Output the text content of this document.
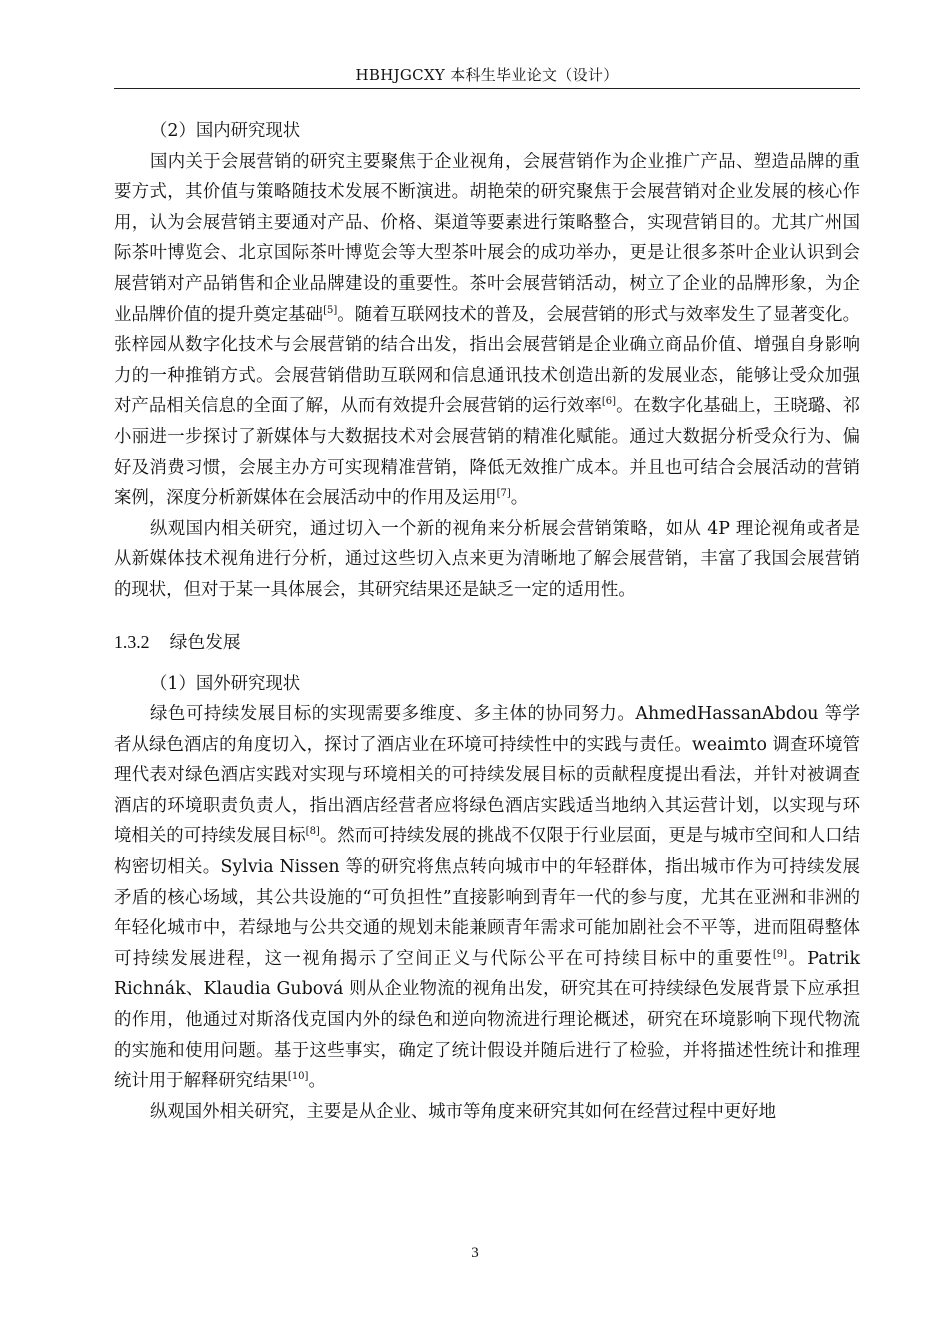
HBHJGCXY 本科生毕业论文（设计）
（2）国内研究现状

国内关于会展营销的研究主要聚焦于企业视角，会展营销作为企业推广产品、塑造品牌的重要方式，其价值与策略随技术发展不断演进。胡艳荣的研究聚焦于会展营销对企业发展的核心作用，认为会展营销主要通对产品、价格、渠道等要素进行策略整合，实现营销目的。尤其广州国际茶叶博览会、北京国际茶叶博览会等大型茶叶展会的成功举办，更是让很多茶叶企业认识到会展营销对产品销售和企业品牌建设的重要性。茶叶会展营销活动，树立了企业的品牌形象，为企业品牌价值的提升奠定基础[5]。随着互联网技术的普及，会展营销的形式与效率发生了显著变化。张梓园从数字化技术与会展营销的结合出发，指出会展营销是企业确立商品价值、增强自身影响力的一种推销方式。会展营销借助互联网和信息通讯技术创造出新的发展业态，能够让受众加强对产品相关信息的全面了解，从而有效提升会展营销的运行效率[6]。在数字化基础上，王晓璐、祁小丽进一步探讨了新媒体与大数据技术对会展营销的精准化赋能。通过大数据分析受众行为、偏好及消费习惯，会展主办方可实现精准营销，降低无效推广成本。并且也可结合会展活动的营销案例，深度分析新媒体在会展活动中的作用及运用[7]。

纵观国内相关研究，通过切入一个新的视角来分析展会营销策略，如从 4P 理论视角或者是从新媒体技术视角进行分析，通过这些切入点来更为清晰地了解会展营销，丰富了我国会展营销的现状，但对于某一具体展会，其研究结果还是缺乏一定的适用性。

1.3.2 绿色发展
（1）国外研究现状

绿色可持续发展目标的实现需要多维度、多主体的协同努力。AhmedHassanAbdou 等学者从绿色酒店的角度切入，探讨了酒店业在环境可持续性中的实践与责任。weaimto 调查环境管理代表对绿色酒店实践对实现与环境相关的可持续发展目标的贡献程度提出看法，并针对被调查酒店的环境职责负责人，指出酒店经营者应将绿色酒店实践适当地纳入其运营计划，以实现与环境相关的可持续发展目标[8]。然而可持续发展的挑战不仅限于行业层面，更是与城市空间和人口结构密切相关。Sylvia Nissen 等的研究将焦点转向城市中的年轻群体，指出城市作为可持续发展矛盾的核心场域，其公共设施的“可负担性”直接影响到青年一代的参与度，尤其在亚洲和非洲的年轻化城市中，若绿地与公共交通的规划未能兼顾青年需求可能加剧社会不平等，进而阻碍整体可持续发展进程，这一视角揭示了空间正义与代际公平在可持续目标中的重要性[9]。Patrik Richnák、Klaudia Gubová 则从企业物流的视角出发，研究其在可持续绿色发展背景下应承担的作用，他通过对斯洛伐克国内外的绿色和逆向物流进行理论概述，研究在环境影响下现代物流的实施和使用问题。基于这些事实，确定了统计假设并随后进行了检验，并将描述性统计和推理统计用于解释研究结果[10]。

纵观国外相关研究，主要是从企业、城市等角度来研究其如何在经营过程中更好地

3
